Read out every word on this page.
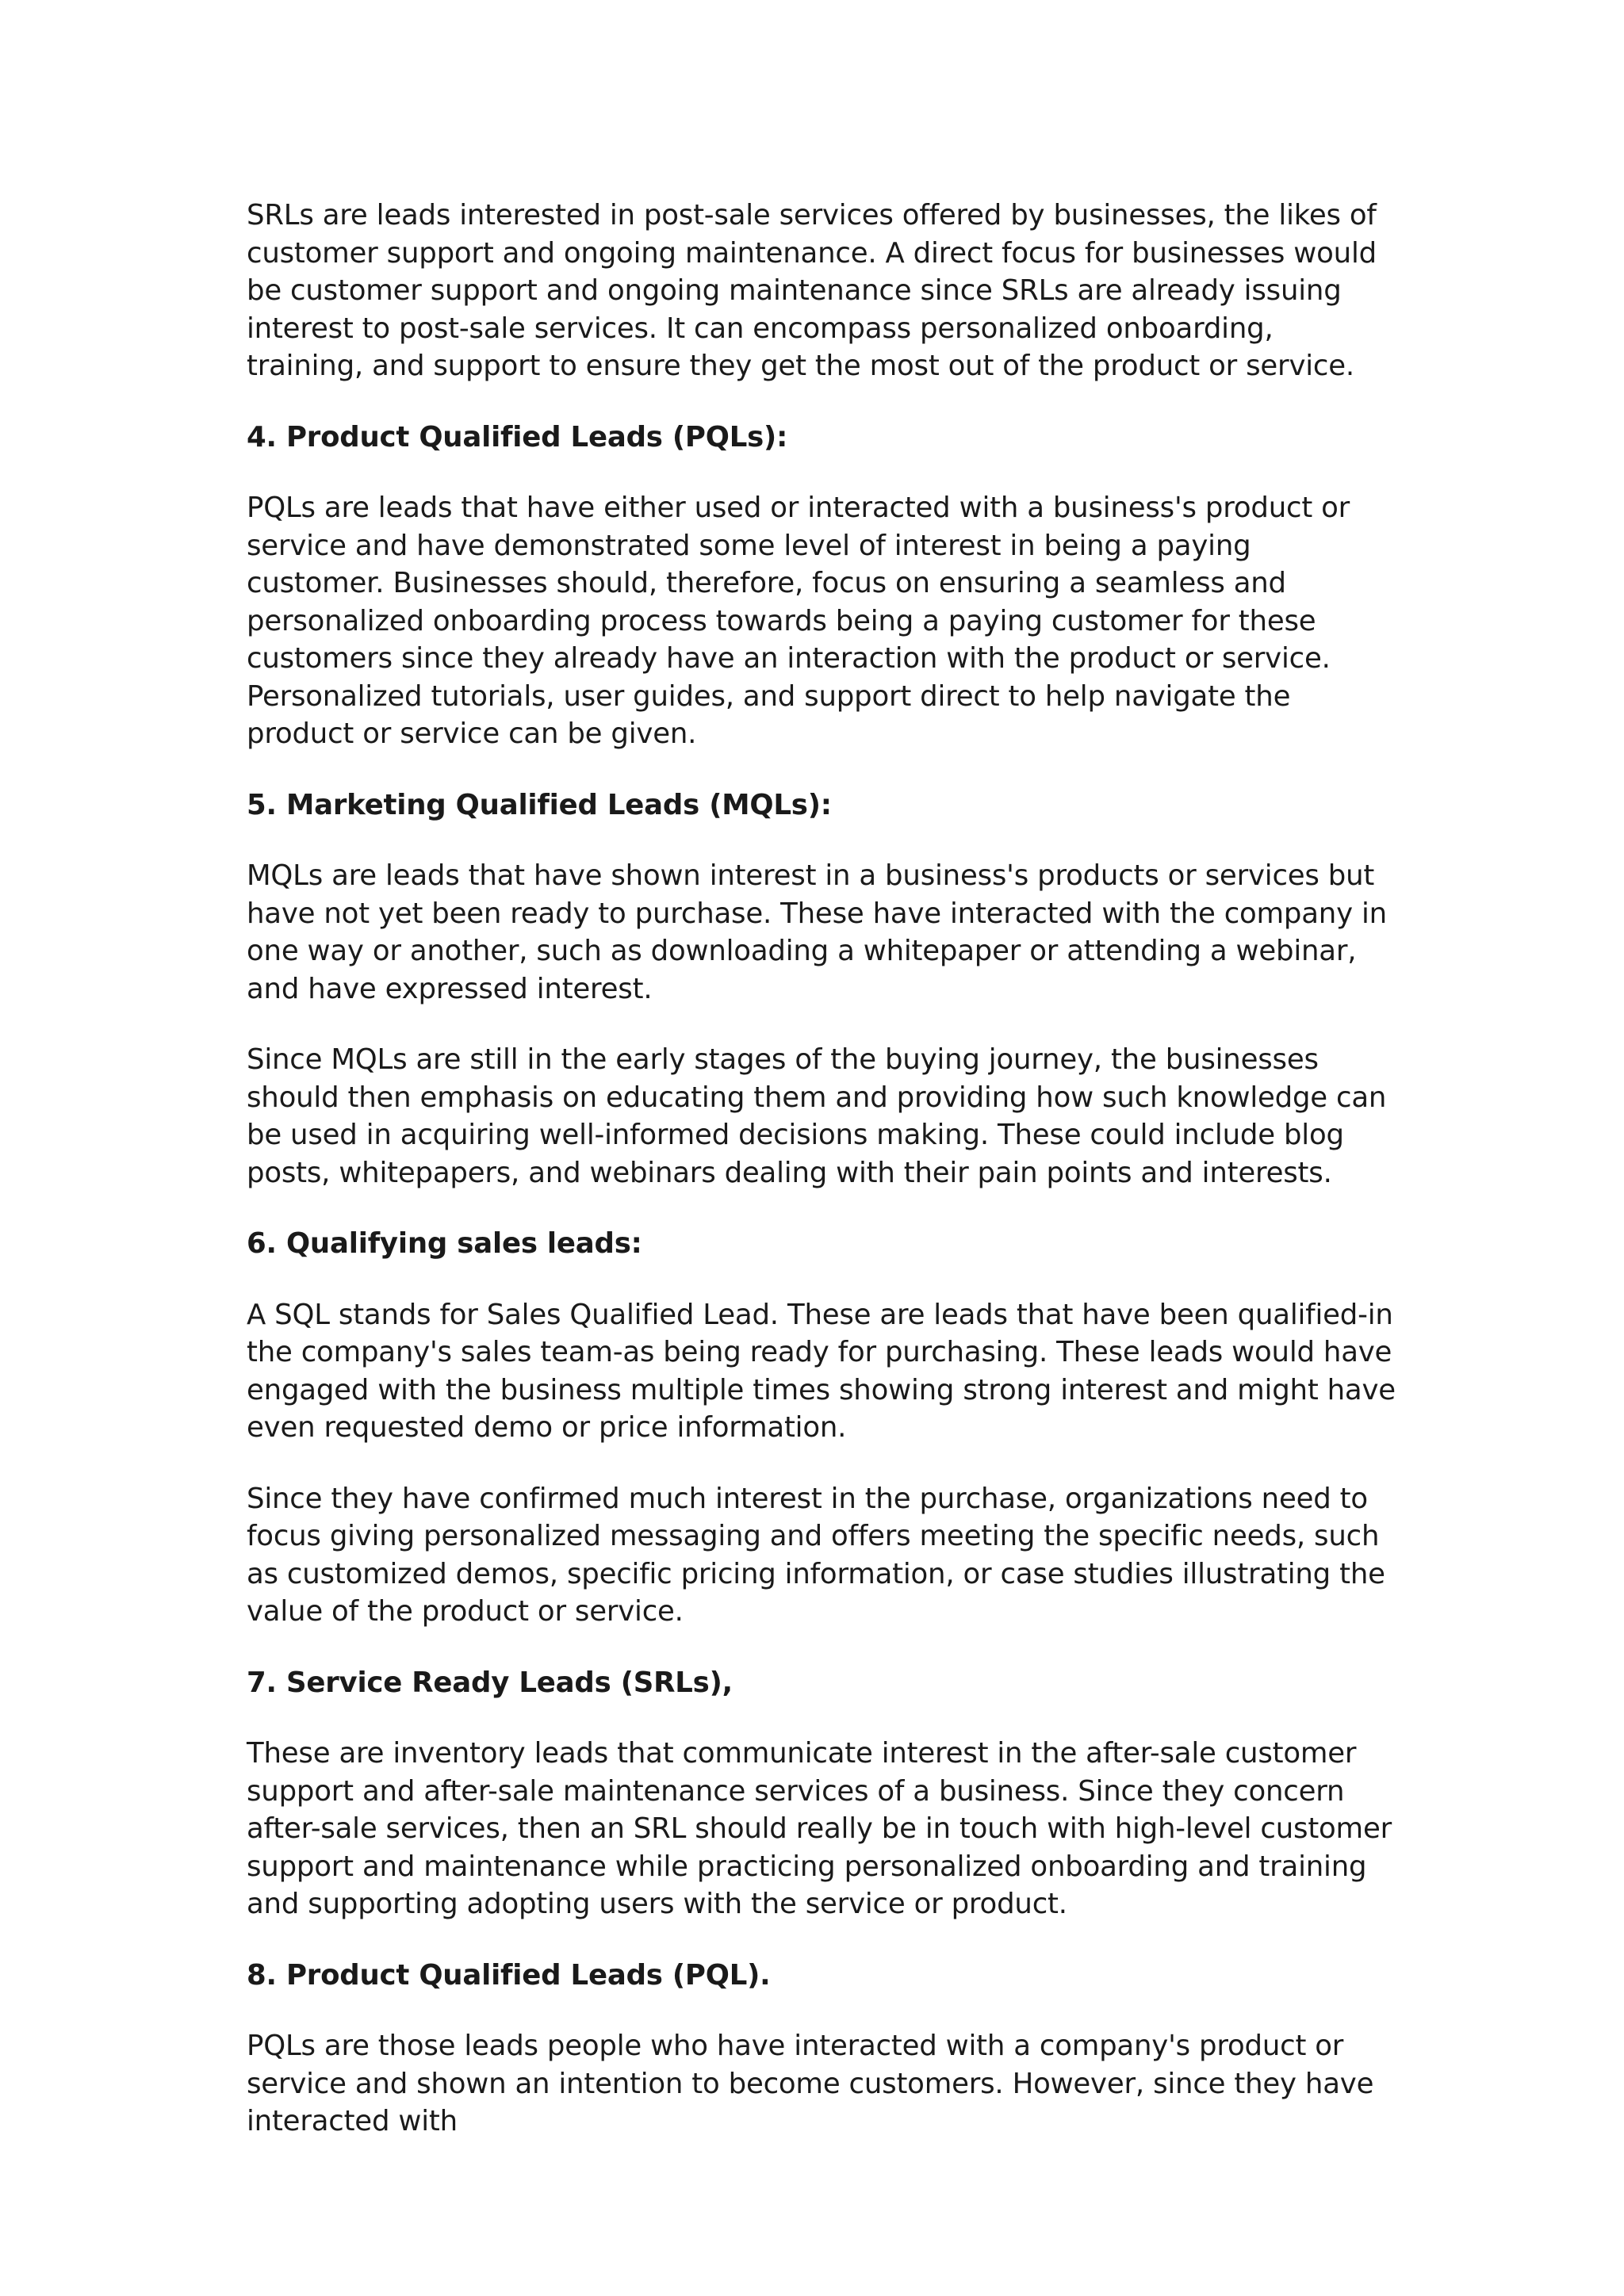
SRLs are leads interested in post-sale services offered by businesses, the likes of customer support and ongoing maintenance. A direct focus for businesses would be customer support and ongoing maintenance since SRLs are already issuing interest to post-sale services. It can encompass personalized onboarding, training, and support to ensure they get the most out of the product or service.

4. Product Qualified Leads (PQLs):

PQLs are leads that have either used or interacted with a business's product or service and have demonstrated some level of interest in being a paying customer. Businesses should, therefore, focus on ensuring a seamless and personalized onboarding process towards being a paying customer for these customers since they already have an interaction with the product or service. Personalized tutorials, user guides, and support direct to help navigate the product or service can be given.

5. Marketing Qualified Leads (MQLs):

MQLs are leads that have shown interest in a business's products or services but have not yet been ready to purchase. These have interacted with the company in one way or another, such as downloading a whitepaper or attending a webinar, and have expressed interest.

Since MQLs are still in the early stages of the buying journey, the businesses should then emphasis on educating them and providing how such knowledge can be used in acquiring well-informed decisions making. These could include blog posts, whitepapers, and webinars dealing with their pain points and interests.

6. Qualifying sales leads:

A SQL stands for Sales Qualified Lead. These are leads that have been qualified-in the company's sales team-as being ready for purchasing. These leads would have engaged with the business multiple times showing strong interest and might have even requested demo or price information.

Since they have confirmed much interest in the purchase, organizations need to focus giving personalized messaging and offers meeting the specific needs, such as customized demos, specific pricing information, or case studies illustrating the value of the product or service.

7. Service Ready Leads (SRLs),

These are inventory leads that communicate interest in the after-sale customer support and after-sale maintenance services of a business. Since they concern after-sale services, then an SRL should really be in touch with high-level customer support and maintenance while practicing personalized onboarding and training and supporting adopting users with the service or product.

8. Product Qualified Leads (PQL).

PQLs are those leads people who have interacted with a company's product or service and shown an intention to become customers. However, since they have interacted with
